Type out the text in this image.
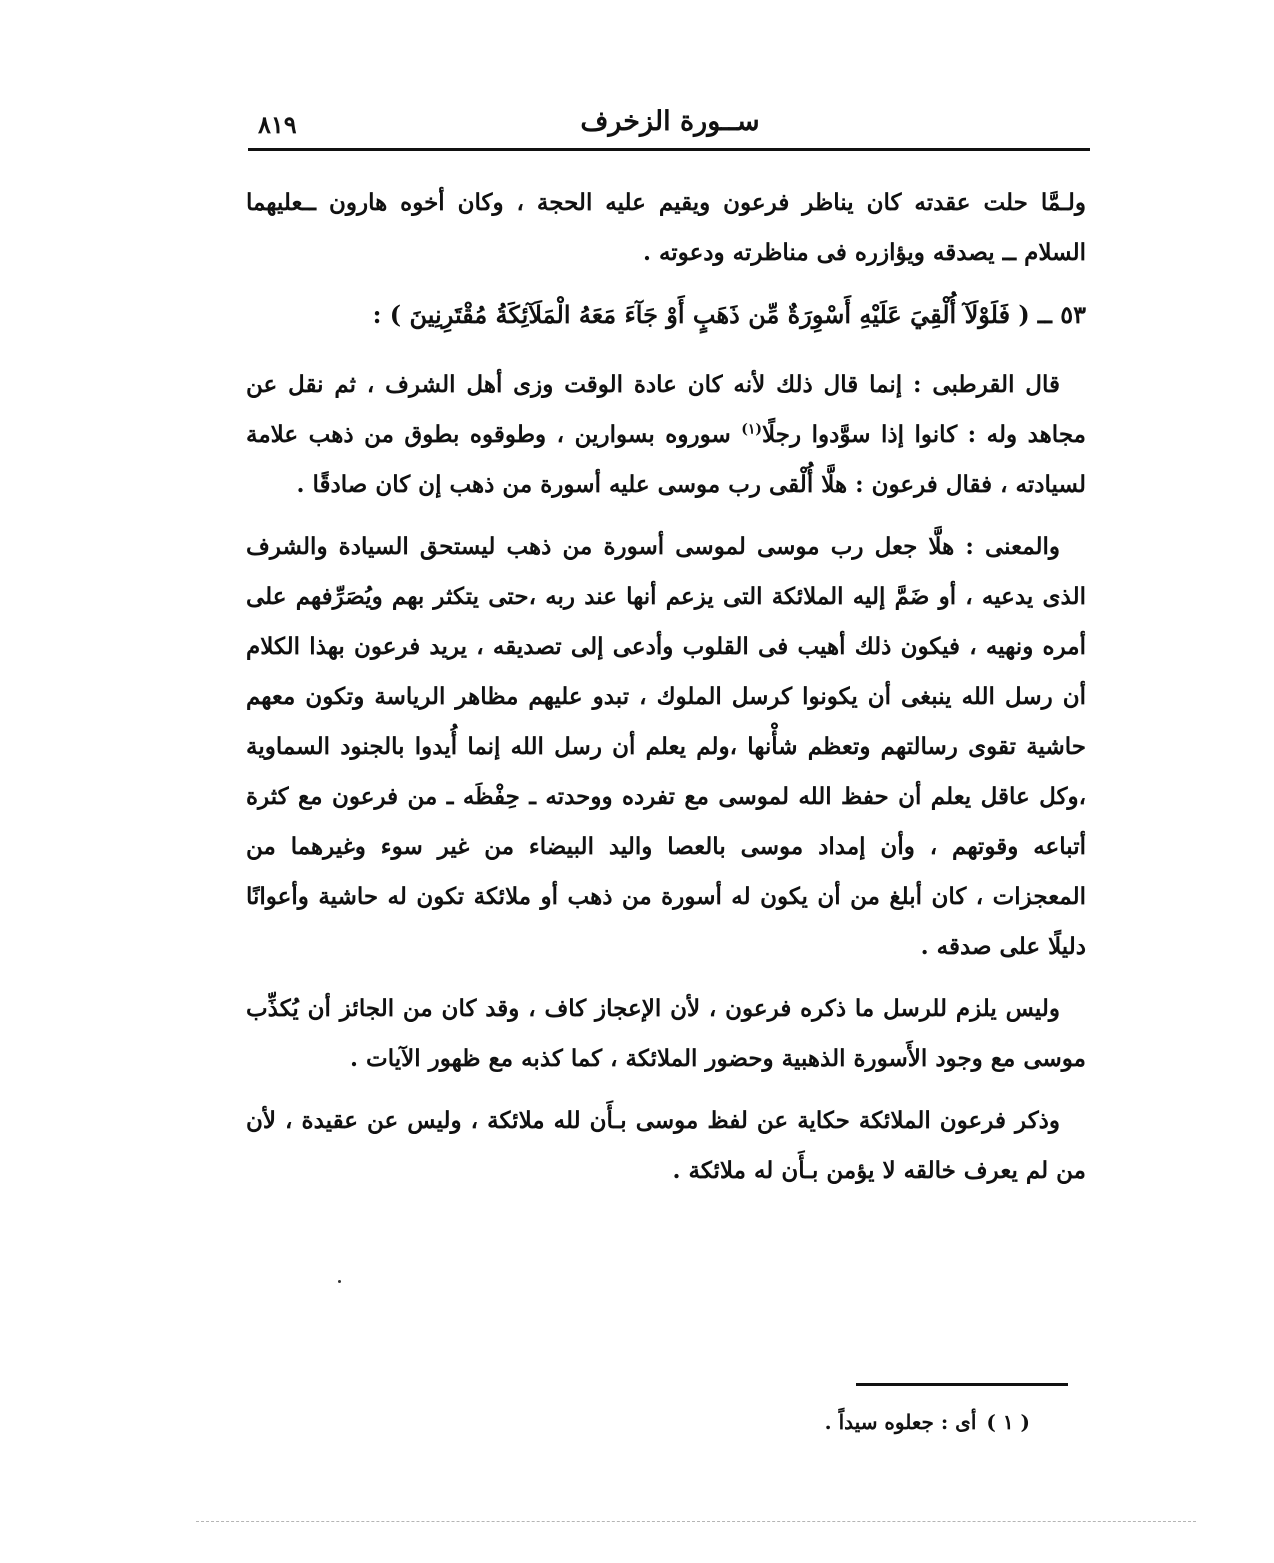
٨١٩	ســورة الزخرف

ولـمَّا حلت عقدته كان يناظر فرعون ويقيم عليه الحجة ، وكان أخوه هارون ــعليهما السلام ــ يصدقه ويؤازره فى مناظرته ودعوته .

٥٣ ــ( فَلَوْلَآ أُلْقِيَ عَلَيْهِ أَسْوِرَةٌ مِّن ذَهَبٍ أَوْ جَآءَ مَعَهُ الْمَلَآئِكَةُ مُقْتَرِنِينَ ) :

قال القرطبى : إنما قال ذلك لأنه كان عادة الوقت وزى أهل الشرف ، ثم نقل عن مجاهد وله : كانوا إذا سوَّدوا رجلًا$^{(١)}$ سوروه بسوارين ، وطوقوه بطوق من ذهب علامة لسيادته ، فقال فرعون : هلَّا أُلْقى رب موسى عليه أسورة من ذهب إن كان صادقًا .

والمعنى : هلَّا جعل رب موسى لموسى أسورة من ذهب ليستحق السيادة والشرف الذى يدعيه ، أو ضَمَّ إليه الملائكة التى يزعم أنها عند ربه ،حتى يتكثر بهم ويُصَرِّفهم على أمره ونهيه ، فيكون ذلك أهيب فى القلوب وأدعى إلى تصديقه ، يريد فرعون بهذا الكلام أن رسل الله ينبغى أن يكونوا كرسل الملوك ، تبدو عليهم مظاهر الرياسة وتكون معهم حاشية تقوى رسالتهم وتعظم شأْنها ،ولم يعلم أن رسل الله إنما أُيدوا بالجنود السماوية ،وكل عاقل يعلم أن حفظ الله لموسى مع تفرده ووحدته ـ حِفْظَه ـ من فرعون مع كثرة أتباعه وقوتهم ، وأن إمداد موسى بالعصا واليد البيضاء من غير سوء وغيرهما من المعجزات ، كان أبلغ من أن يكون له أسورة من ذهب أو ملائكة تكون له حاشية وأعوانًا دليلًا على صدقه .

وليس يلزم للرسل ما ذكره فرعون ، لأن الإعجاز كاف ، وقد كان من الجائز أن يُكذِّب موسى مع وجود الأَسورة الذهبية وحضور الملائكة ، كما كذبه مع ظهور الآيات .

وذكر فرعون الملائكة حكاية عن لفظ موسى بـأَن لله ملائكة ، وليس عن عقيدة ، لأن من لم يعرف خالقه لا يؤمن بـأَن له ملائكة .

( ١ )أى : جعلوه سيداً .
